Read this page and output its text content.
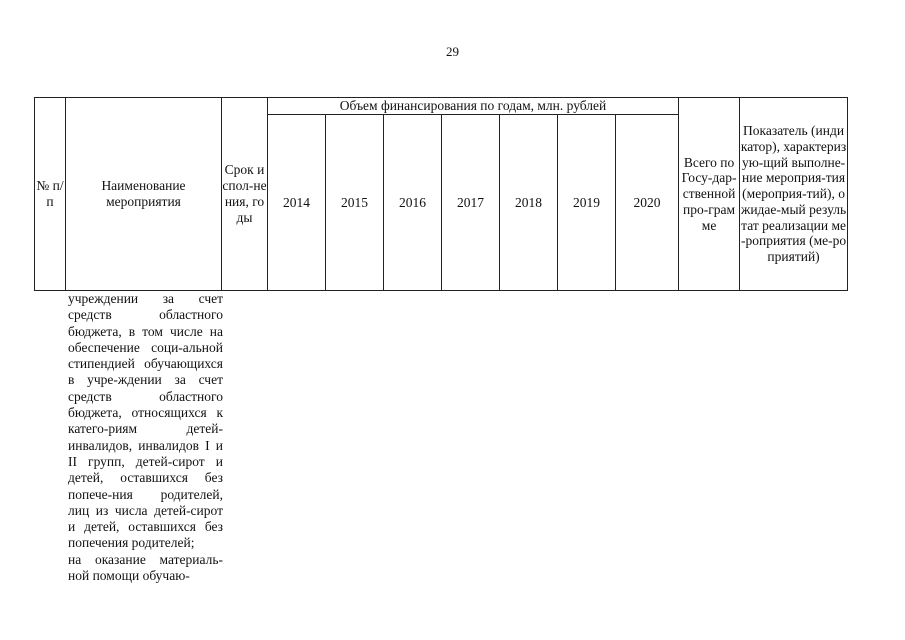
29
№ п/п	Наименование мероприятия	Срок испол-нения, годы	Объем финансирования по годам, млн. рублей							Всего по Госу-дар-ственной про-грамме	Показатель (индикатор), характеризую-щий выполне-ние мероприя-тия (мероприя-тий), ожидае-мый результат реализации ме-роприятия (ме-роприятий)
			2014	2015	2016	2017	2018	2019	2020		

учреждении за счет средств областного бюджета, в том числе на обеспечение соци-альной стипендией обучающихся в учре-ждении за счет средств областного бюджета, относящихся к катего-риям детей-инвалидов, инвалидов I и II групп, детей-сирот и детей, оставшихся без попече-ния родителей, лиц из числа детей-сирот и детей, оставшихся без попечения родителей;

на оказание материаль-ной помощи обучаю-
